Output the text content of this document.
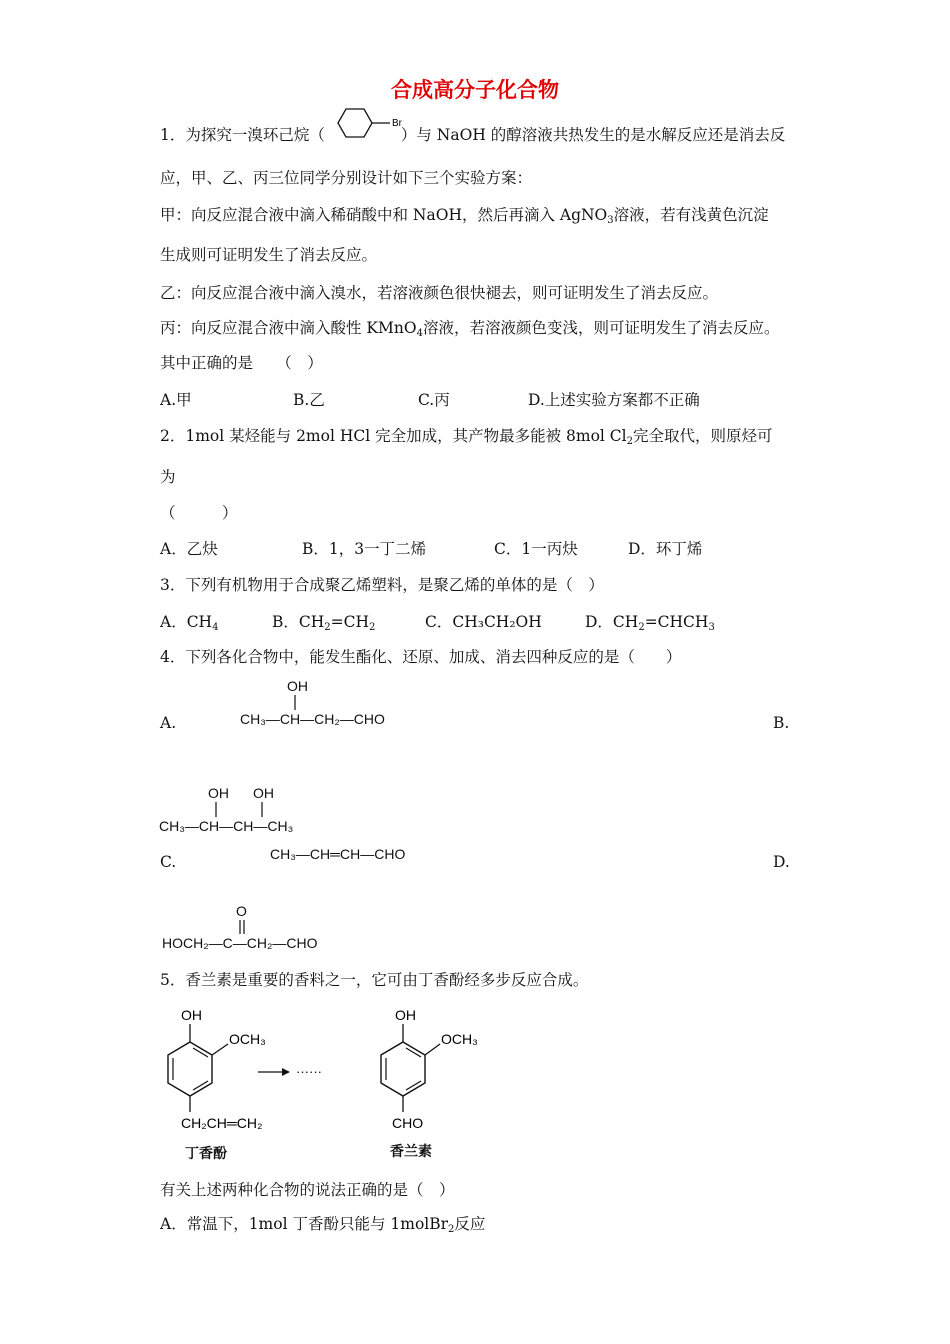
合成高分子化合物
1．为探究一溴环己烷（	）与 NaOH 的醇溶液共热发生的是水解反应还是消去反
Br
应，甲、乙、丙三位同学分别设计如下三个实验方案：
甲：向反应混合液中滴入稀硝酸中和 NaOH，然后再滴入 AgNO$_3$溶液，若有浅黄色沉淀
生成则可证明发生了消去反应。
乙：向反应混合液中滴入溴水，若溶液颜色很快褪去，则可证明发生了消去反应。
丙：向反应混合液中滴入酸性 KMnO$_4$溶液，若溶液颜色变浅，则可证明发生了消去反应。
其中正确的是　　（　）
A.甲	B.乙	C.丙	D.上述实验方案都不正确
2．1mol 某烃能与 2mol HCl 完全加成，其产物最多能被 8mol $Cl_2$完全取代，则原烃可
为
（　　　）
A．乙炔	B．1，3一丁二烯	C．1一丙炔	D．环丁烯
3．下列有机物用于合成聚乙烯塑料，是聚乙烯的单体的是（　）
A．$CH_4$	B．$CH_2=CH_2$	C．CH₃CH₂OH	D．$CH_2=CHCH_3$
4．下列各化合物中，能发生酯化、还原、加成、消去四种反应的是（　　）
A.
OH
CH₃—CH—CH₂—CHO	B.
OH OH
CH₃—CH—CH—CH₃
C.	CH₃—CH═CH—CHO	D.
O
HOCH₂—C—CH₂—CHO
5．香兰素是重要的香料之一，它可由丁香酚经多步反应合成。
OH
OCH₃
CH₂CH═CH₂
······
OH
OCH₃
CHO
丁香酚	香兰素
有关上述两种化合物的说法正确的是（　）
A．常温下，1mol 丁香酚只能与 1molBr$_2$反应
